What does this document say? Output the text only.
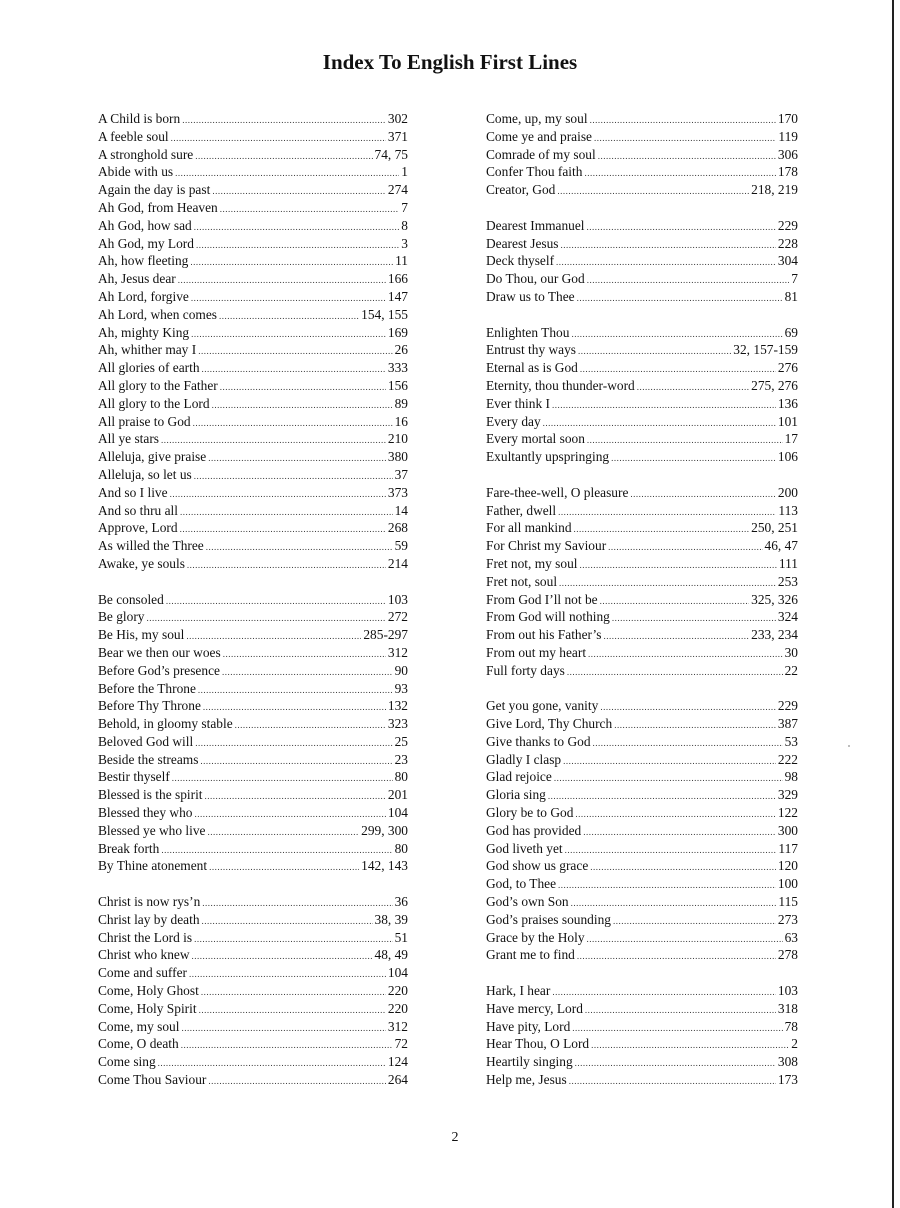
Index To English First Lines
A Child is born .....	302
A feeble soul .....	371
A stronghold sure .....	74, 75
Abide with us .....	1
Again the day is past .....	274
Ah God, from Heaven .....	7
Ah God, how sad .....	8
Ah God, my Lord .....	3
Ah, how fleeting .....	11
Ah, Jesus dear .....	166
Ah Lord, forgive .....	147
Ah Lord, when comes .....	154, 155
Ah, mighty King .....	169
Ah, whither may I .....	26
All glories of earth .....	333
All glory to the Father .....	156
All glory to the Lord .....	89
All praise to God .....	16
All ye stars .....	210
Alleluja, give praise .....	380
Alleluja, so let us .....	37
And so I live .....	373
And so thru all .....	14
Approve, Lord .....	268
As willed the Three .....	59
Awake, ye souls .....	214
Be consoled .....	103
Be glory .....	272
Be His, my soul .....	285-297
Bear we then our woes .....	312
Before God’s presence .....	90
Before the Throne .....	93
Before Thy Throne .....	132
Behold, in gloomy stable .....	323
Beloved God will .....	25
Beside the streams .....	23
Bestir thyself .....	80
Blessed is the spirit .....	201
Blessed they who .....	104
Blessed ye who live .....	299, 300
Break forth .....	80
By Thine atonement .....	142, 143
Christ is now rys’n .....	36
Christ lay by death .....	38, 39
Christ the Lord is .....	51
Christ who knew .....	48, 49
Come and suffer .....	104
Come, Holy Ghost .....	220
Come, Holy Spirit .....	220
Come, my soul .....	312
Come, O death .....	72
Come sing .....	124
Come Thou Saviour .....	264
Come, up, my soul .....	170
Come ye and praise .....	119
Comrade of my soul .....	306
Confer Thou faith .....	178
Creator, God .....	218, 219
Dearest Immanuel .....	229
Dearest Jesus .....	228
Deck thyself .....	304
Do Thou, our God .....	7
Draw us to Thee .....	81
Enlighten Thou .....	69
Entrust thy ways .....	32, 157-159
Eternal as is God .....	276
Eternity, thou thunder-word .....	275, 276
Ever think I .....	136
Every day .....	101
Every mortal soon .....	17
Exultantly upspringing .....	106
Fare-thee-well, O pleasure .....	200
Father, dwell .....	113
For all mankind .....	250, 251
For Christ my Saviour .....	46, 47
Fret not, my soul .....	111
Fret not, soul .....	253
From God I’ll not be .....	325, 326
From God will nothing .....	324
From out his Father’s .....	233, 234
From out my heart .....	30
Full forty days .....	22
Get you gone, vanity .....	229
Give Lord, Thy Church .....	387
Give thanks to God .....	53
Gladly I clasp .....	222
Glad rejoice .....	98
Gloria sing .....	329
Glory be to God .....	122
God has provided .....	300
God liveth yet .....	117
God show us grace .....	120
God, to Thee .....	100
God’s own Son .....	115
God’s praises sounding .....	273
Grace by the Holy .....	63
Grant me to find .....	278
Hark, I hear .....	103
Have mercy, Lord .....	318
Have pity, Lord .....	78
Hear Thou, O Lord .....	2
Heartily singing .....	308
Help me, Jesus .....	173
2
